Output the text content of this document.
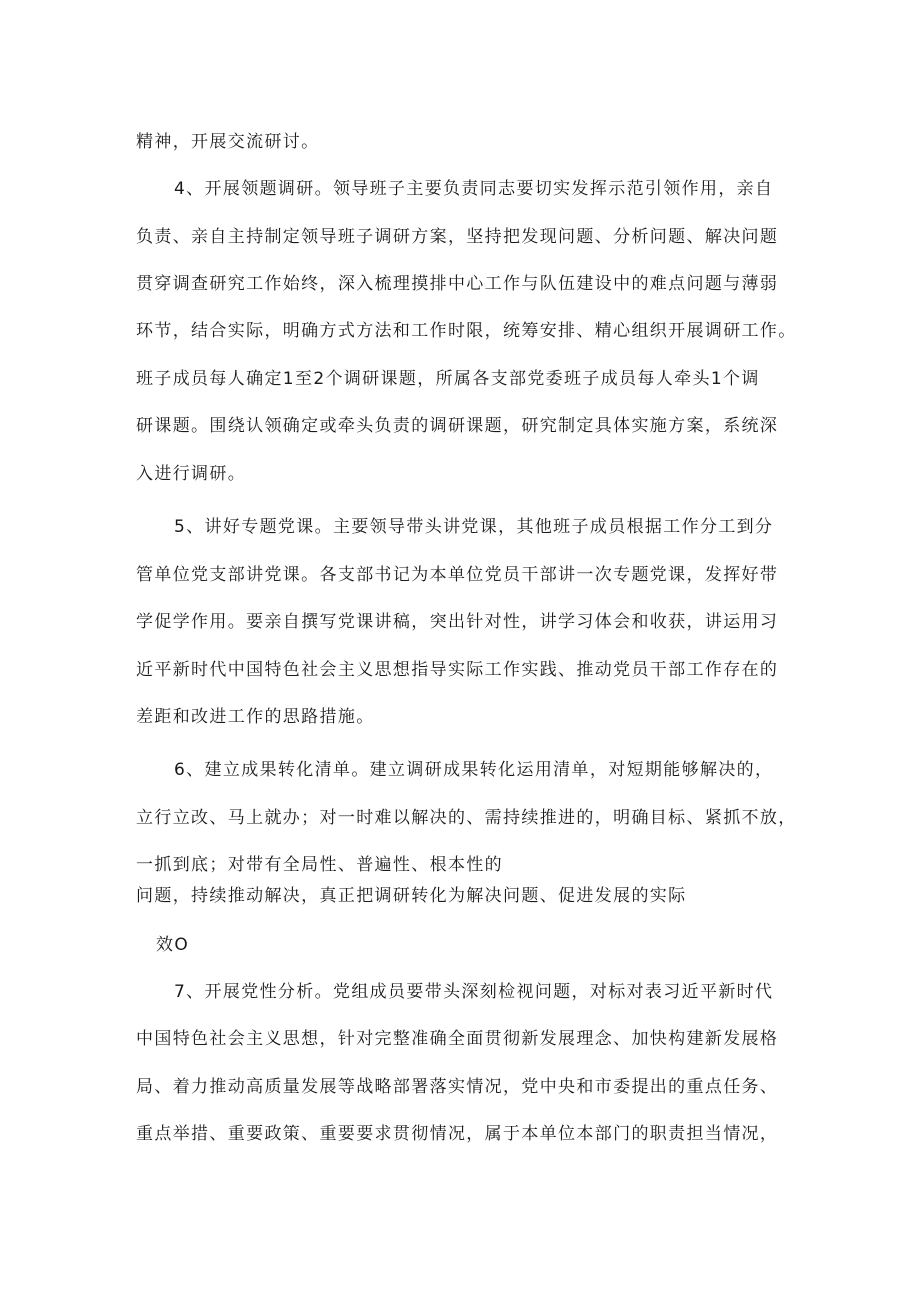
精神，开展交流研讨。
4、开展领题调研。领导班子主要负责同志要切实发挥示范引领作用，亲自
负责、亲自主持制定领导班子调研方案，坚持把发现问题、分析问题、解决问题
贯穿调查研究工作始终，深入梳理摸排中心工作与队伍建设中的难点问题与薄弱
环节，结合实际，明确方式方法和工作时限，统筹安排、精心组织开展调研工作。
班子成员每人确定1至2个调研课题，所属各支部党委班子成员每人牵头1个调
研课题。围绕认领确定或牵头负责的调研课题，研究制定具体实施方案，系统深
入进行调研。
5、讲好专题党课。主要领导带头讲党课，其他班子成员根据工作分工到分
管单位党支部讲党课。各支部书记为本单位党员干部讲一次专题党课，发挥好带
学促学作用。要亲自撰写党课讲稿，突出针对性，讲学习体会和收获，讲运用习
近平新时代中国特色社会主义思想指导实际工作实践、推动党员干部工作存在的
差距和改进工作的思路措施。
6、建立成果转化清单。建立调研成果转化运用清单，对短期能够解决的，
立行立改、马上就办；对一时难以解决的、需持续推进的，明确目标、紧抓不放，
一抓到底；对带有全局性、普遍性、根本性的
问题，持续推动解决，真正把调研转化为解决问题、促进发展的实际
效O
7、开展党性分析。党组成员要带头深刻检视问题，对标对表习近平新时代
中国特色社会主义思想，针对完整准确全面贯彻新发展理念、加快构建新发展格
局、着力推动高质量发展等战略部署落实情况，党中央和市委提出的重点任务、
重点举措、重要政策、重要要求贯彻情况，属于本单位本部门的职责担当情况，
